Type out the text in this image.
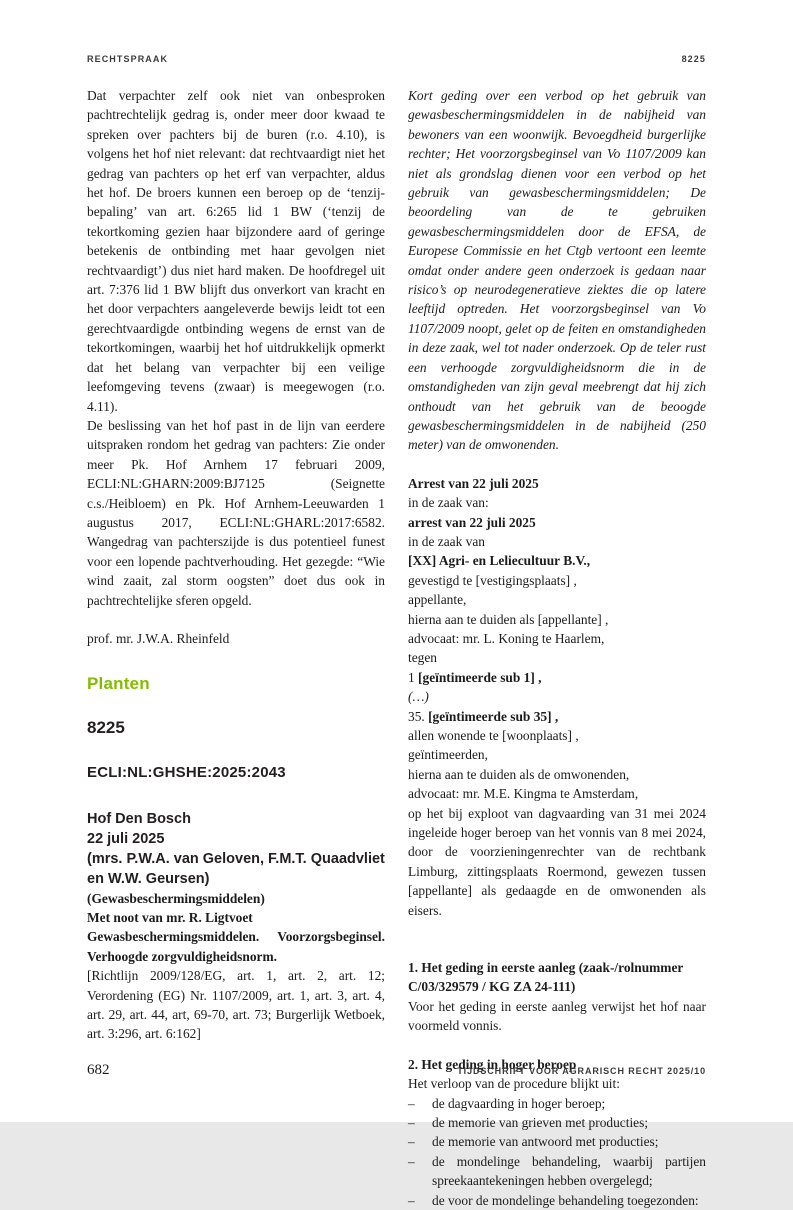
RECHTSPRAAK	8225

Dat verpachter zelf ook niet van onbesproken pachtrechtelijk gedrag is, onder meer door kwaad te spreken over pachters bij de buren (r.o. 4.10), is volgens het hof niet relevant: dat rechtvaardigt niet het gedrag van pachters op het erf van verpachter, aldus het hof. De broers kunnen een beroep op de ‘tenzij-bepaling’ van art. 6:265 lid 1 BW (‘tenzij de tekortkoming gezien haar bijzondere aard of geringe betekenis de ontbinding met haar gevolgen niet rechtvaardigt’) dus niet hard maken. De hoofdregel uit art. 7:376 lid 1 BW blijft dus onverkort van kracht en het door verpachters aangeleverde bewijs leidt tot een gerechtvaardigde ontbinding wegens de ernst van de tekortkomingen, waarbij het hof uitdrukkelijk opmerkt dat het belang van verpachter bij een veilige leefomgeving tevens (zwaar) is meegewogen (r.o. 4.11).

De beslissing van het hof past in de lijn van eerdere uitspraken rondom het gedrag van pachters: Zie onder meer Pk. Hof Arnhem 17 februari 2009, ECLI:NL:GHARN:2009:BJ7125 (Seignette c.s./Heibloem) en Pk. Hof Arnhem-Leeuwarden 1 augustus 2017, ECLI:NL:GHARL:2017:6582. Wangedrag van pachterszijde is dus potentieel funest voor een lopende pachtverhouding. Het gezegde: “Wie wind zaait, zal storm oogsten” doet dus ook in pachtrechtelijke sferen opgeld.

prof. mr. J.W.A. Rheinfeld

Planten
8225
ECLI:NL:GHSHE:2025:2043
Hof Den Bosch
22 juli 2025
(mrs. P.W.A. van Geloven, F.M.T. Quaadvliet en W.W. Geursen)

(Gewasbeschermingsmiddelen)

Met noot van mr. R. Ligtvoet

Gewasbeschermingsmiddelen. Voorzorgsbeginsel. Verhoogde zorgvuldigheidsnorm.

[Richtlijn 2009/128/EG, art. 1, art. 2, art. 12; Verordening (EG) Nr. 1107/2009, art. 1, art. 3, art. 4, art. 29, art. 44, art, 69-70, art. 73; Burgerlijk Wetboek, art. 3:296, art. 6:162]

Kort geding over een verbod op het gebruik van gewasbeschermingsmiddelen in de nabijheid van bewoners van een woonwijk. Bevoegdheid burgerlijke rechter; Het voorzorgsbeginsel van Vo 1107/2009 kan niet als grondslag dienen voor een verbod op het gebruik van gewasbeschermingsmiddelen; De beoordeling van de te gebruiken gewasbeschermingsmiddelen door de EFSA, de Europese Commissie en het Ctgb vertoont een leemte omdat onder andere geen onderzoek is gedaan naar risico’s op neurodegeneratieve ziektes die op latere leeftijd optreden. Het voorzorgsbeginsel van Vo 1107/2009 noopt, gelet op de feiten en omstandigheden in deze zaak, wel tot nader onderzoek. Op de teler rust een verhoogde zorgvuldigheidsnorm die in de omstandigheden van zijn geval meebrengt dat hij zich onthoudt van het gebruik van de beoogde gewasbeschermingsmiddelen in de nabijheid (250 meter) van de omwonenden.

Arrest van 22 juli 2025
in de zaak van:
arrest van 22 juli 2025
in de zaak van
[XX] Agri- en Leliecultuur B.V.,
gevestigd te [vestigingsplaats] ,
appellante,
hierna aan te duiden als [appellante] ,
advocaat: mr. L. Koning te Haarlem,
tegen
1 [geïntimeerde sub 1] ,
(…)
35. [geïntimeerde sub 35] ,
allen wonende te [woonplaats] ,
geïntimeerden,
hierna aan te duiden als de omwonenden,
advocaat: mr. M.E. Kingma te Amsterdam,

op het bij exploot van dagvaarding van 31 mei 2024 ingeleide hoger beroep van het vonnis van 8 mei 2024, door de voorzieningenrechter van de rechtbank Limburg, zittingsplaats Roermond, gewezen tussen [appellante] als gedaagde en de omwonenden als eisers.

1. Het geding in eerste aanleg (zaak-/rolnummer C/03/329579 / KG ZA 24-111)

Voor het geding in eerste aanleg verwijst het hof naar voormeld vonnis.

2. Het geding in hoger beroep

Het verloop van de procedure blijkt uit:

–	de dagvaarding in hoger beroep;
–	de memorie van grieven met producties;
–	de memorie van antwoord met producties;
–	de mondelinge behandeling, waarbij partijen spreekaantekeningen hebben overgelegd;
–	de voor de mondelinge behandeling toegezonden:
682	TIJDSCHRIFT VOOR AGRARISCH RECHT 2025/10
